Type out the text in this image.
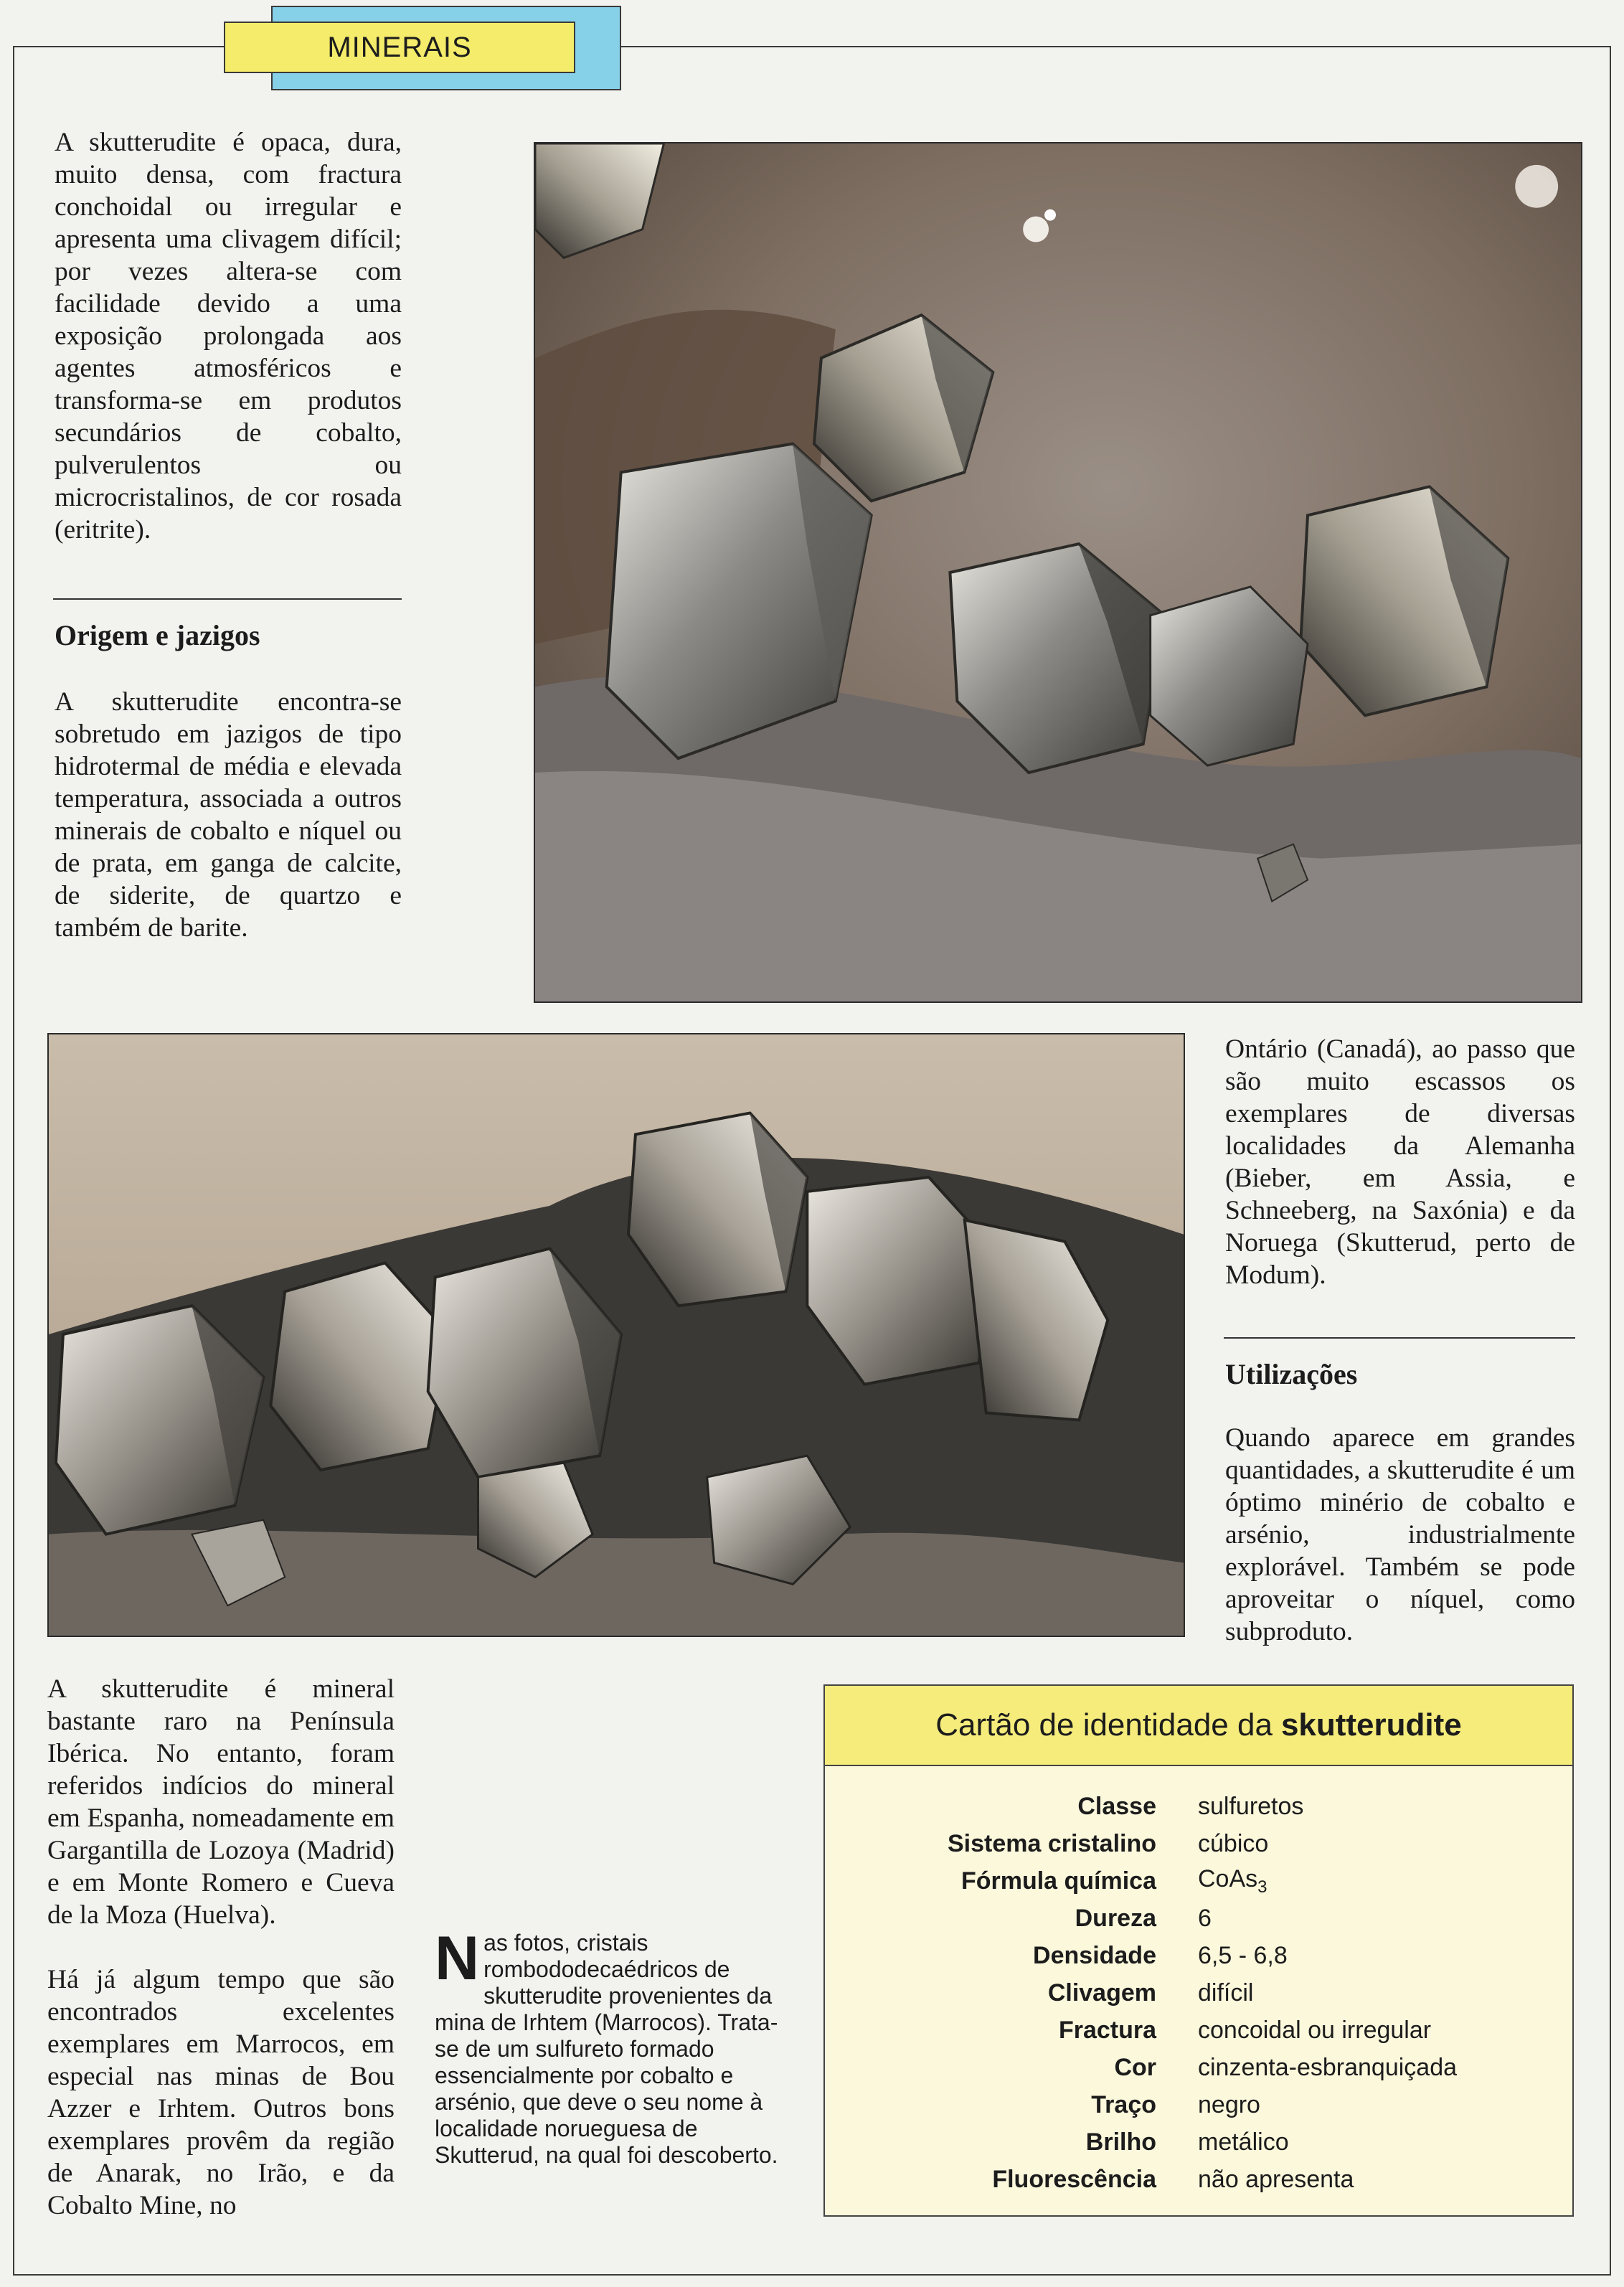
MINERAIS

A skutterudite é opaca, dura, muito densa, com fractura conchoidal ou irregular e apresenta uma clivagem difícil; por vezes altera-se com facilidade devido a uma exposição prolongada aos agentes atmosféricos e transforma-se em produtos secundários de cobalto, pulverulentos ou microcristalinos, de cor rosada (eritrite).

Origem e jazigos

A skutterudite encontra-se sobretudo em jazigos de tipo hidrotermal de média e elevada temperatura, associada a outros minerais de cobalto e níquel ou de prata, em ganga de calcite, de siderite, de quartzo e também de barite.

Ontário (Canadá), ao passo que são muito escassos os exemplares de diversas localidades da Alemanha (Bieber, em Assia, e Schneeberg, na Saxónia) e da Noruega (Skutterud, perto de Modum).

Utilizações

Quando aparece em grandes quantidades, a skutterudite é um óptimo minério de cobalto e arsénio, industrialmente explorável. Também se pode aproveitar o níquel, como subproduto.

A skutterudite é mineral bastante raro na Península Ibérica. No entanto, foram referidos indícios do mineral em Espanha, nomeadamente em Gargantilla de Lozoya (Madrid) e em Monte Romero e Cueva de la Moza (Huelva).

Há já algum tempo que são encontrados excelentes exemplares em Marrocos, em especial nas minas de Bou Azzer e Irhtem. Outros bons exemplares provêm da região de Anarak, no Irão, e da Cobalto Mine, no

Nas fotos, cristais rombododecaédricos de skutterudite provenientes da mina de Irhtem (Marrocos). Trata-se de um sulfureto formado essencialmente por cobalto e arsénio, que deve o seu nome à localidade norueguesa de Skutterud, na qual foi descoberto.
Cartão de identidade da skutterudite
Classe sulfuretos
Sistema cristalino cúbico
Fórmula química CoAs$_3$
Dureza 6
Densidade 6,5 - 6,8
Clivagem difícil
Fractura concoidal ou irregular
Cor cinzenta-esbranquiçada
Traço negro
Brilho metálico
Fluorescência não apresenta
